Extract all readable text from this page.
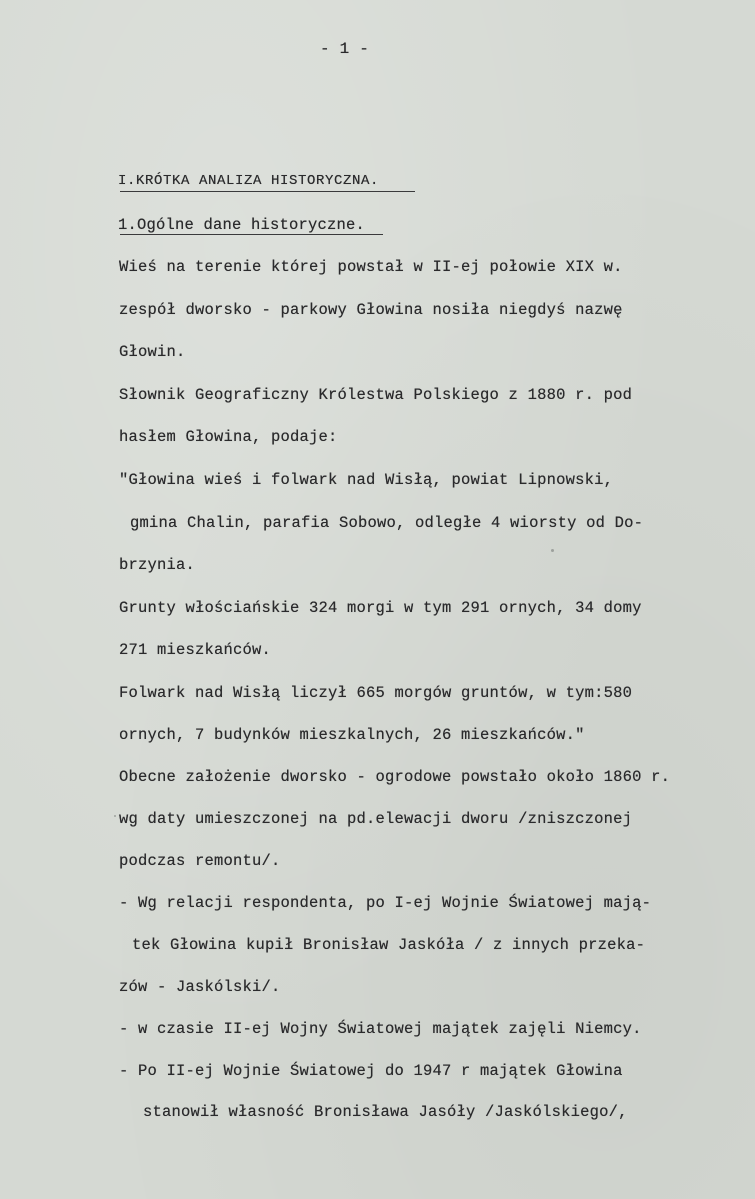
- 1 -
I.KRÓTKA ANALIZA HISTORYCZNA.
1.Ogólne dane historyczne.
Wieś na terenie której powstał w II-ej połowie XIX w.
zespół dworsko - parkowy Głowina nosiła niegdyś nazwę
Głowin.
Słownik Geograficzny Królestwa Polskiego z 1880 r. pod
hasłem Głowina, podaje:
"Głowina wieś i folwark nad Wisłą, powiat Lipnowski,
gmina Chalin, parafia Sobowo, odległe 4 wiorsty od Do-
brzynia.
Grunty włościańskie 324 morgi w tym 291 ornych, 34 domy
271 mieszkańców.
Folwark nad Wisłą liczył 665 morgów gruntów, w tym:580
ornych, 7 budynków mieszkalnych, 26 mieszkańców."
Obecne założenie dworsko - ogrodowe powstało około 1860 r.
wg daty umieszczonej na pd.elewacji dworu /zniszczonej
podczas remontu/.
- Wg relacji respondenta, po I-ej Wojnie Światowej mają-
tek Głowina kupił Bronisław Jaskóła / z innych przeka-
zów - Jaskólski/.
- w czasie II-ej Wojny Światowej majątek zajęli Niemcy.
- Po II-ej Wojnie Światowej do 1947 r majątek Głowina
stanowił własność Bronisława Jasóły /Jaskólskiego/,
